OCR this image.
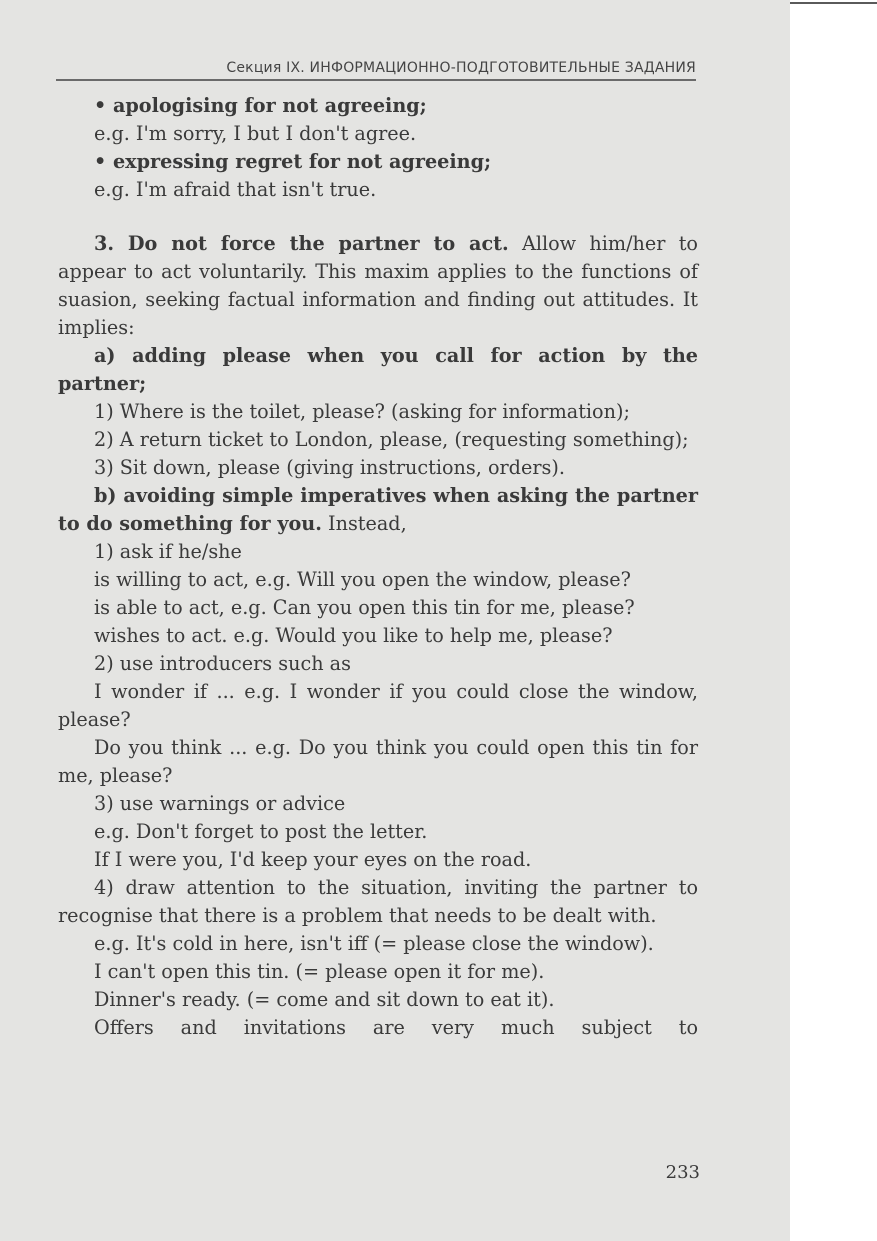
Секция IX. ИНФОРМАЦИОННО-ПОДГОТОВИТЕЛЬНЫЕ ЗАДАНИЯ
• apologising for not agreeing;
e.g. I'm sorry, I but I don't agree.
• expressing regret for not agreeing;
e.g. I'm afraid that isn't true.
3. Do not force the partner to act. Allow him/her to appear to act voluntarily. This maxim applies to the functions of suasion, seeking factual information and finding out attitudes. It implies:
a) adding please when you call for action by the partner;
1) Where is the toilet, please? (asking for information);
2) A return ticket to London, please, (requesting something);
3) Sit down, please (giving instructions, orders).
b) avoiding simple imperatives when asking the partner to do something for you. Instead,
1) ask if he/she
is willing to act, e.g. Will you open the window, please?
is able to act, e.g. Can you open this tin for me, please?
wishes to act. e.g. Would you like to help me, please?
2) use introducers such as
I wonder if ... e.g. I wonder if you could close the window, please?
Do you think ... e.g. Do you think you could open this tin for me, please?
3) use warnings or advice
e.g. Don't forget to post the letter.
If I were you, I'd keep your eyes on the road.
4) draw attention to the situation, inviting the partner to recognise that there is a problem that needs to be dealt with.
e.g. It's cold in here, isn't iff (= please close the window).
I can't open this tin. (= please open it for me).
Dinner's ready. (= come and sit down to eat it).
Offers and invitations are very much subject to
233
